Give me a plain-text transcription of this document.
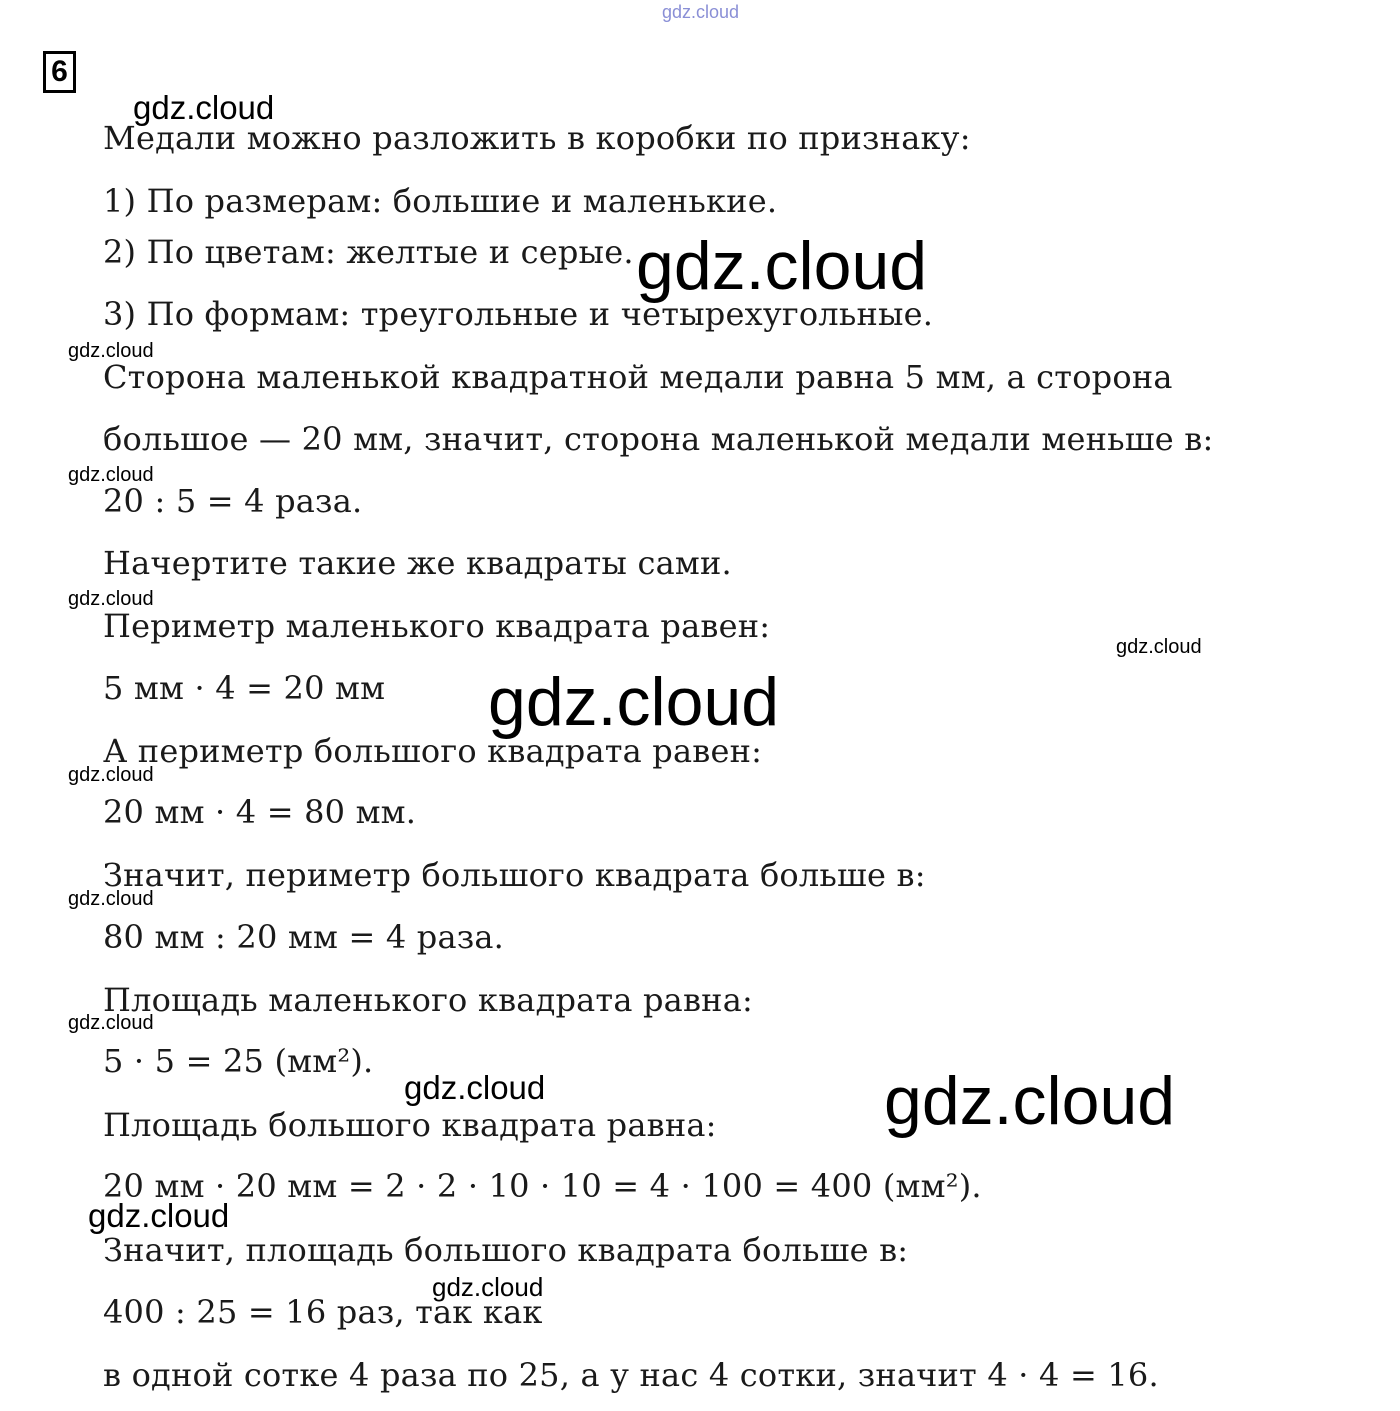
6
Медали можно разложить в коробки по признаку:
1) По размерам: большие и маленькие.
2) По цветам: желтые и серые.
3) По формам: треугольные и четырехугольные.
Сторона маленькой квадратной медали равна 5 мм, а сторона
большое — 20 мм, значит, сторона маленькой медали меньше в:
20 : 5 = 4 раза.
Начертите такие же квадраты сами.
Периметр маленького квадрата равен:
5 мм · 4 = 20 мм
А периметр большого квадрата равен:
20 мм · 4 = 80 мм.
Значит, периметр большого квадрата больше в:
80 мм : 20 мм = 4 раза.
Площадь маленького квадрата равна:
5 · 5 = 25 (мм²).
Площадь большого квадрата равна:
20 мм · 20 мм = 2 · 2 · 10 · 10 = 4 · 100 = 400 (мм²).
Значит, площадь большого квадрата больше в:
400 : 25 = 16 раз, так как
в одной сотке 4 раза по 25, а у нас 4 сотки, значит 4 · 4 = 16.
gdz.cloud
gdz.cloud
gdz.cloud
gdz.cloud
gdz.cloud
gdz.cloud
gdz.cloud
gdz.cloud
gdz.cloud
gdz.cloud
gdz.cloud
gdz.cloud	gdz.cloud
gdz.cloud
gdz.cloud
